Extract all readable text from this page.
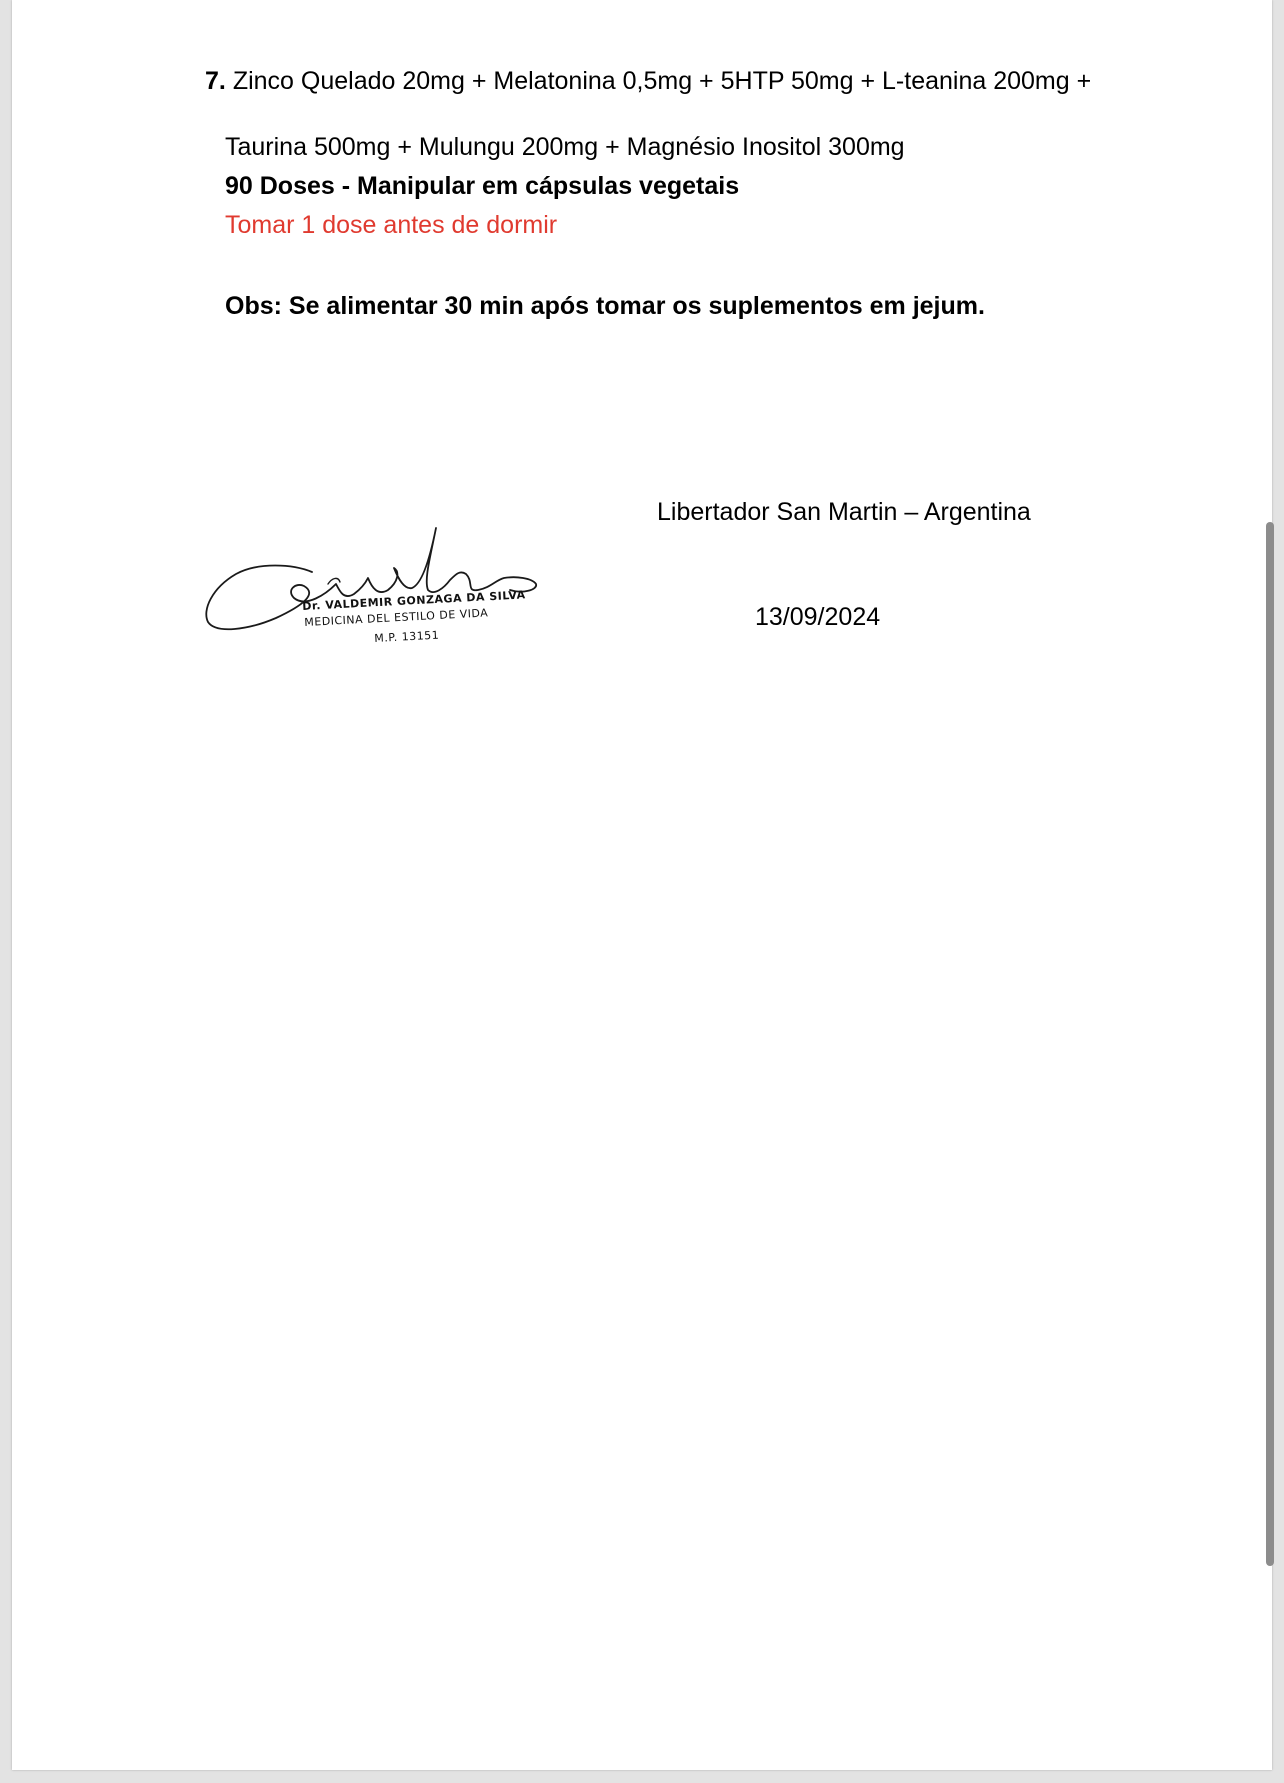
7. Zinco Quelado 20mg + Melatonina 0,5mg + 5HTP 50mg + L-teanina 200mg +
Taurina 500mg + Mulungu 200mg + Magnésio Inositol 300mg
90 Doses - Manipular em cápsulas vegetais
Tomar 1 dose antes de dormir
Obs: Se alimentar 30 min após tomar os suplementos em jejum.
Libertador San Martin – Argentina
13/09/2024
Dr. VALDEMIR GONZAGA DA SILVA
MEDICINA DEL ESTILO DE VIDA
M.P. 13151
